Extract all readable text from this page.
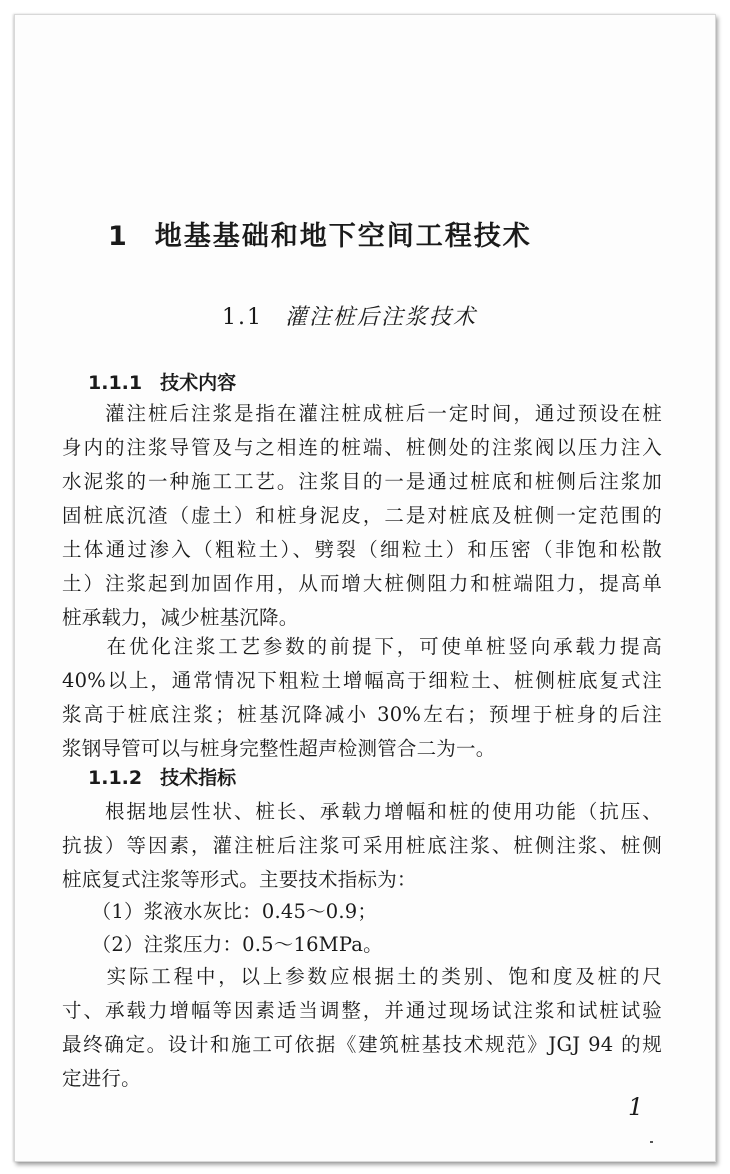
1 地基基础和地下空间工程技术
1.1 灌注桩后注浆技术
1.1.1 技术内容
　　灌注桩后注浆是指在灌注桩成桩后一定时间，通过预设在桩
身内的注浆导管及与之相连的桩端、桩侧处的注浆阀以压力注入
水泥浆的一种施工工艺。注浆目的一是通过桩底和桩侧后注浆加
固桩底沉渣（虚土）和桩身泥皮，二是对桩底及桩侧一定范围的
土体通过渗入（粗粒土）、劈裂（细粒土）和压密（非饱和松散
土）注浆起到加固作用，从而增大桩侧阻力和桩端阻力，提高单
桩承载力，减少桩基沉降。
　　在优化注浆工艺参数的前提下，可使单桩竖向承载力提高
40%以上，通常情况下粗粒土增幅高于细粒土、桩侧桩底复式注
浆高于桩底注浆；桩基沉降减小 30%左右；预埋于桩身的后注
浆钢导管可以与桩身完整性超声检测管合二为一。
1.1.2 技术指标
　　根据地层性状、桩长、承载力增幅和桩的使用功能（抗压、
抗拔）等因素，灌注桩后注浆可采用桩底注浆、桩侧注浆、桩侧
桩底复式注浆等形式。主要技术指标为：
　　（1）浆液水灰比：0.45～0.9；
　　（2）注浆压力：0.5～16MPa。
　　实际工程中，以上参数应根据土的类别、饱和度及桩的尺
寸、承载力增幅等因素适当调整，并通过现场试注浆和试桩试验
最终确定。设计和施工可依据《建筑桩基技术规范》JGJ 94 的规
定进行。
1
